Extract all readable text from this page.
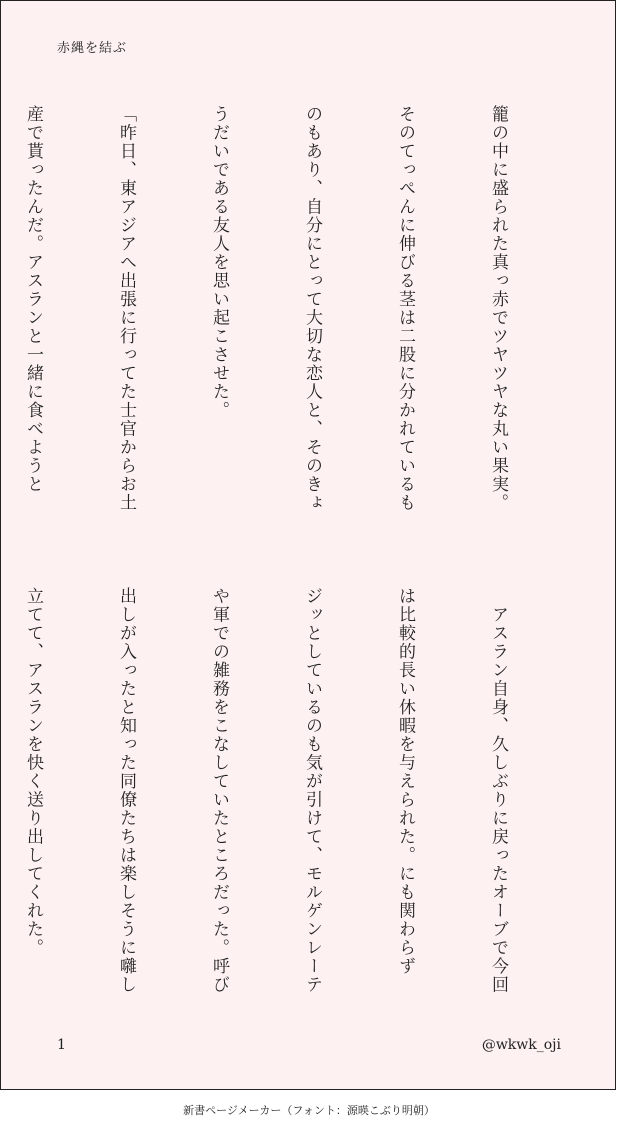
赤縄を結ぶ

籠の中に盛られた真っ赤でツヤツヤな丸い果実。

そのてっぺんに伸びる茎は二股に分かれているも

のもあり、自分にとって大切な恋人と、そのきょ

うだいである友人を思い起こさせた。

「昨日、東アジアへ出張に行ってた士官からお土

産で貰ったんだ。アスランと一緒に食べようと

　アスラン自身、久しぶりに戻ったオーブで今回

は比較的長い休暇を与えられた。にも関わらず

ジッとしているのも気が引けて、モルゲンレーテ

や軍での雑務をこなしていたところだった。呼び

出しが入ったと知った同僚たちは楽しそうに囃し

立てて、アスランを快く送り出してくれた。

1	@wkwk_oji
新書ページメーカー（フォント：源暎こぶり明朝）
